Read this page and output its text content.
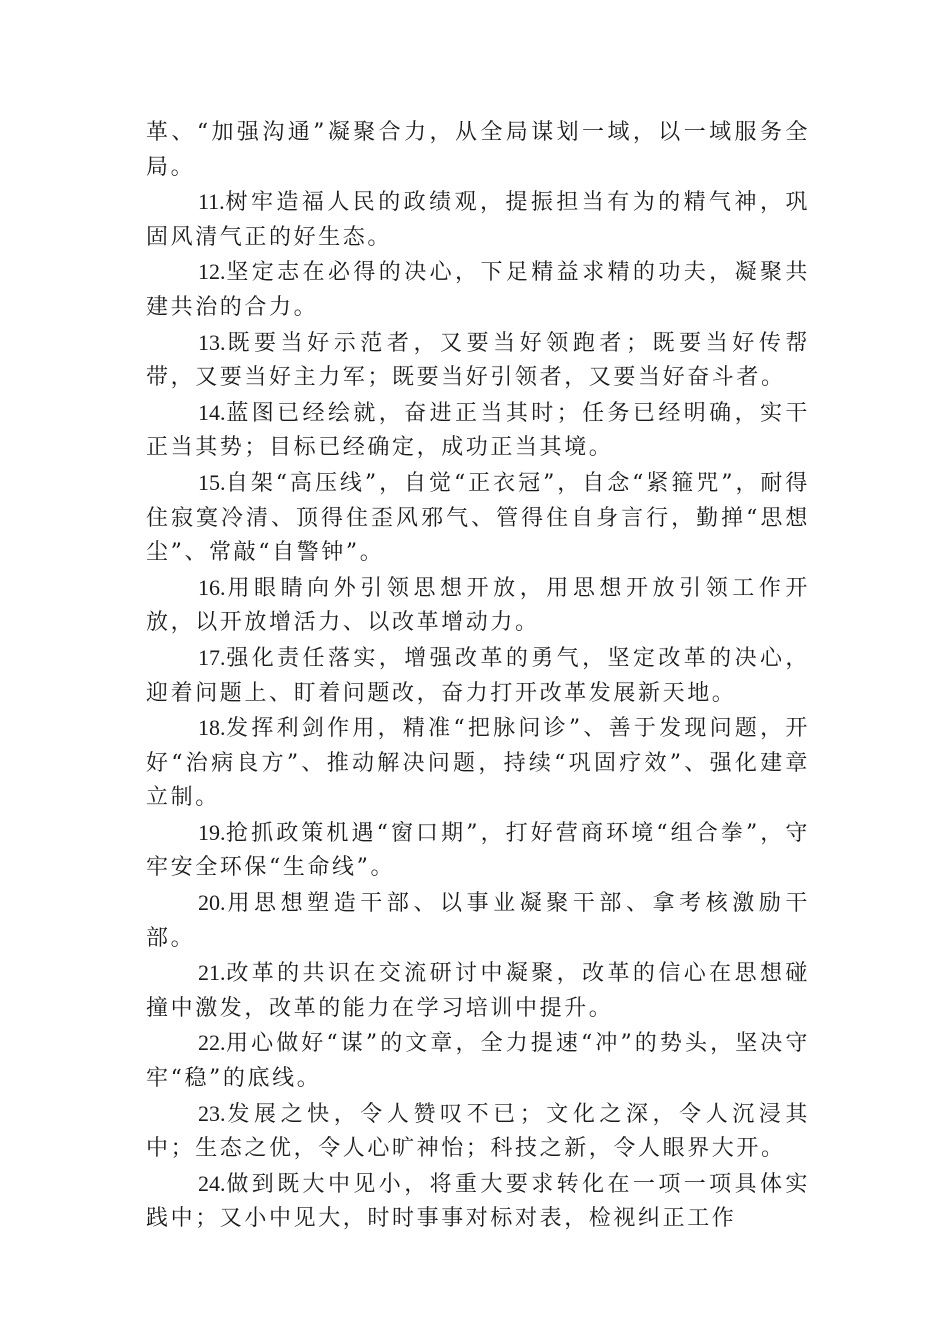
革、“加强沟通”凝聚合力，从全局谋划一域，以一域服务全局。

11.树牢造福人民的政绩观，提振担当有为的精气神，巩固风清气正的好生态。

12.坚定志在必得的决心，下足精益求精的功夫，凝聚共建共治的合力。

13.既要当好示范者，又要当好领跑者；既要当好传帮带，又要当好主力军；既要当好引领者，又要当好奋斗者。

14.蓝图已经绘就，奋进正当其时；任务已经明确，实干正当其势；目标已经确定，成功正当其境。

15.自架“高压线”，自觉“正衣冠”，自念“紧箍咒”，耐得住寂寞冷清、顶得住歪风邪气、管得住自身言行，勤掸“思想尘”、常敲“自警钟”。

16.用眼睛向外引领思想开放，用思想开放引领工作开放，以开放增活力、以改革增动力。

17.强化责任落实，增强改革的勇气，坚定改革的决心，迎着问题上、盯着问题改，奋力打开改革发展新天地。

18.发挥利剑作用，精准“把脉问诊”、善于发现问题，开好“治病良方”、推动解决问题，持续“巩固疗效”、强化建章立制。

19.抢抓政策机遇“窗口期”，打好营商环境“组合拳”，守牢安全环保“生命线”。

20.用思想塑造干部、以事业凝聚干部、拿考核激励干部。

21.改革的共识在交流研讨中凝聚，改革的信心在思想碰撞中激发，改革的能力在学习培训中提升。

22.用心做好“谋”的文章，全力提速“冲”的势头，坚决守牢“稳”的底线。

23.发展之快，令人赞叹不已；文化之深，令人沉浸其中；生态之优，令人心旷神怡；科技之新，令人眼界大开。

24.做到既大中见小，将重大要求转化在一项一项具体实践中；又小中见大，时时事事对标对表，检视纠正工作
